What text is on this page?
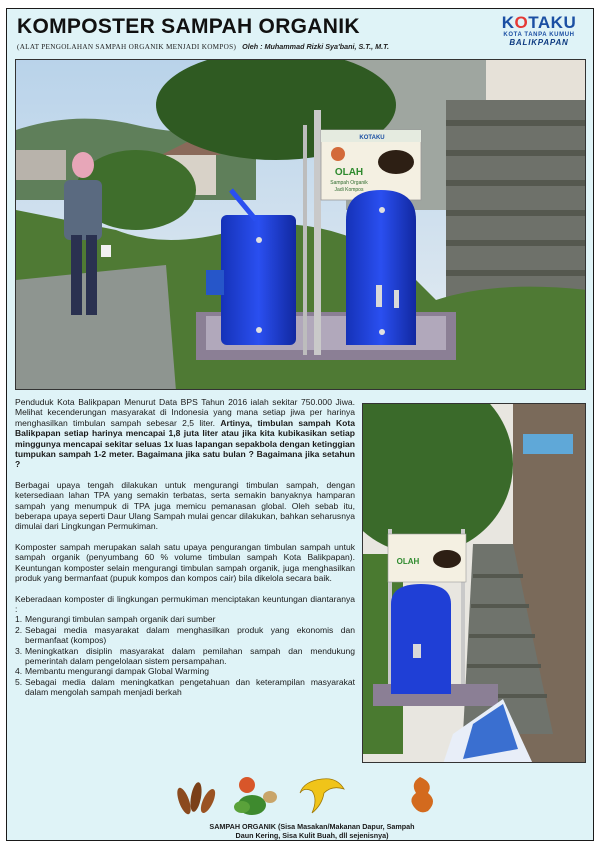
KOMPOSTER SAMPAH ORGANIK
(ALAT PENGOLAHAN SAMPAH ORGANIK MENJADI KOMPOS) Oleh : Muhammad Rizki Sya'bani, S.T., M.T.
KOTAKU
KOTA TANPA KUMUH
BALIKPAPAN
KOTAKU
OLAH
Sampah Organik
Jadi Kompos

Penduduk Kota Balikpapan Menurut Data BPS Tahun 2016 ialah sekitar 750.000 Jiwa. Melihat kecenderungan masyarakat di Indonesia yang mana setiap jiwa per harinya menghasilkan timbulan sampah sebesar 2,5 liter. Artinya, timbulan sampah Kota Balikpapan setiap harinya mencapai 1,8 juta liter atau jika kita kubikasikan setiap minggunya mencapai sekitar seluas 1x luas lapangan sepakbola dengan ketinggian tumpukan sampah 1-2 meter. Bagaimana jika satu bulan ? Bagaimana jika setahun ?

Berbagai upaya tengah dilakukan untuk mengurangi timbulan sampah, dengan ketersediaan lahan TPA yang semakin terbatas, serta semakin banyaknya hamparan sampah yang menumpuk di TPA juga memicu pemanasan global. Oleh sebab itu, beberapa upaya seperti Daur Ulang Sampah mulai gencar dilakukan, bahkan seharusnya dimulai dari Lingkungan Permukiman.

Komposter sampah merupakan salah satu upaya pengurangan timbulan sampah untuk sampah organik (penyumbang 60 % volume timbulan sampah Kota Balikpapan). Keuntungan komposter selain mengurangi timbulan sampah organik, juga menghasilkan produk yang bermanfaat (pupuk kompos dan kompos cair) bila dikelola secara baik.

Keberadaan komposter di lingkungan permukiman menciptakan keuntungan diantaranya :

1. Mengurangi timbulan sampah organik dari sumber
2. Sebagai media masyarakat dalam menghasilkan produk yang ekonomis dan bermanfaat (kompos)
3. Meningkatkan disiplin masyarakat dalam pemilahan sampah dan mendukung pemerintah dalam pengelolaan sistem persampahan.
4. Membantu mengurangi dampak Global Warming
5. Sebagai media dalam meningkatkan pengetahuan dan keterampilan masyarakat dalam mengolah sampah menjadi berkah
OLAH
SAMPAH ORGANIK (Sisa Masakan/Makanan Dapur, Sampah
Daun Kering, Sisa Kulit Buah, dll sejenisnya)
